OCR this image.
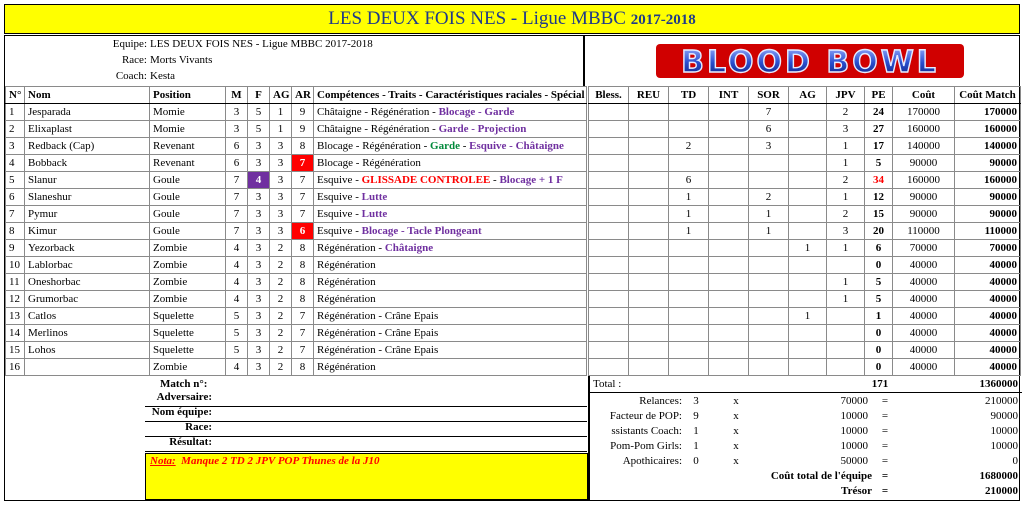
LES DEUX FOIS NES - Ligue MBBC 2017-2018
Equipe: LES DEUX FOIS NES - Ligue MBBC 2017-2018
Race: Morts Vivants
Coach: Kesta	BLOOD BOWL
N°	Nom	Position	M	F	AG	AR	Compétences - Traits - Caractéristiques raciales - Spécial
1	Jesparada	Momie	3	5	1	9	Châtaigne - Régénération - Blocage - Garde
2	Elixaplast	Momie	3	5	1	9	Châtaigne - Régénération - Garde - Projection
3	Redback (Cap)	Revenant	6	3	3	8	Blocage - Régénération - Garde - Esquive - Châtaigne
4	Bobback	Revenant	6	3	3	7	Blocage - Régénération
5	Slanur	Goule	7	4	3	7	Esquive - GLISSADE CONTROLEE - Blocage + 1 F
6	Slaneshur	Goule	7	3	3	7	Esquive - Lutte
7	Pymur	Goule	7	3	3	7	Esquive - Lutte
8	Kimur	Goule	7	3	3	6	Esquive - Blocage - Tacle Plongeant
9	Yezorback	Zombie	4	3	2	8	Régénération - Châtaigne
10	Lablorbac	Zombie	4	3	2	8	Régénération
11	Oneshorbac	Zombie	4	3	2	8	Régénération
12	Grumorbac	Zombie	4	3	2	8	Régénération
13	Catlos	Squelette	5	3	2	7	Régénération - Crâne Epais
14	Merlinos	Squelette	5	3	2	7	Régénération - Crâne Epais
15	Lohos	Squelette	5	3	2	7	Régénération - Crâne Epais
16		Zombie	4	3	2	8	Régénération
Bless.	REU	TD	INT	SOR	AG	JPV	PE	Coût	Coût Match
				7		2	24	170000	170000
				6		3	27	160000	160000
		2		3		1	17	140000	140000
						1	5	90000	90000
		6				2	34	160000	160000
		1		2		1	12	90000	90000
		1		1		2	15	90000	90000
		1		1		3	20	110000	110000
					1	1	6	70000	70000
							0	40000	40000
						1	5	40000	40000
						1	5	40000	40000
					1		1	40000	40000
							0	40000	40000
							0	40000	40000
							0	40000	40000
Match n°:
Adversaire:
Nom équipe:
Race:
Résultat:
Nota: Manque 2 TD 2 JPV POP Thunes de la J10
Total :	171	1360000
Relances:	3	x	70000	=	210000
Facteur de POP:	9	x	10000	=	90000
ssistants Coach:	1	x	10000	=	10000
Pom-Pom Girls:	1	x	10000	=	10000
Apothicaires:	0	x	50000	=	0
Coût total de l'équipe =	1680000
Trésor =	210000
